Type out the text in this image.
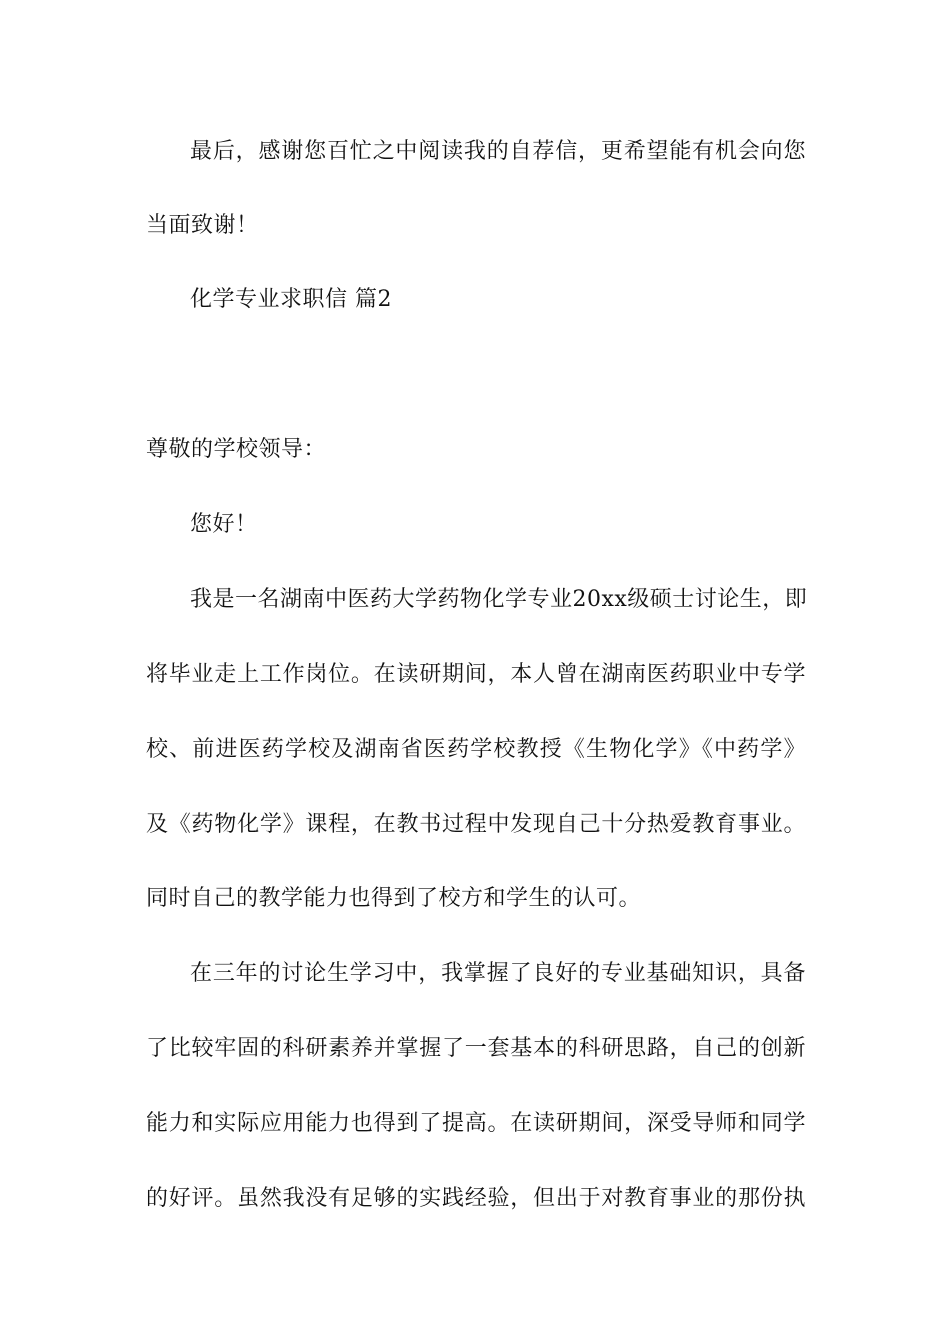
最后，感谢您百忙之中阅读我的自荐信，更希望能有机会向您
当面致谢！
化学专业求职信 篇2
尊敬的学校领导：
您好！
我是一名湖南中医药大学药物化学专业20xx级硕士讨论生，即
将毕业走上工作岗位。在读研期间，本人曾在湖南医药职业中专学
校、前进医药学校及湖南省医药学校教授《生物化学》《中药学》
及《药物化学》课程，在教书过程中发现自己十分热爱教育事业。
同时自己的教学能力也得到了校方和学生的认可。
在三年的讨论生学习中，我掌握了良好的专业基础知识，具备
了比较牢固的科研素养并掌握了一套基本的科研思路，自己的创新
能力和实际应用能力也得到了提高。在读研期间，深受导师和同学
的好评。虽然我没有足够的实践经验，但出于对教育事业的那份执
